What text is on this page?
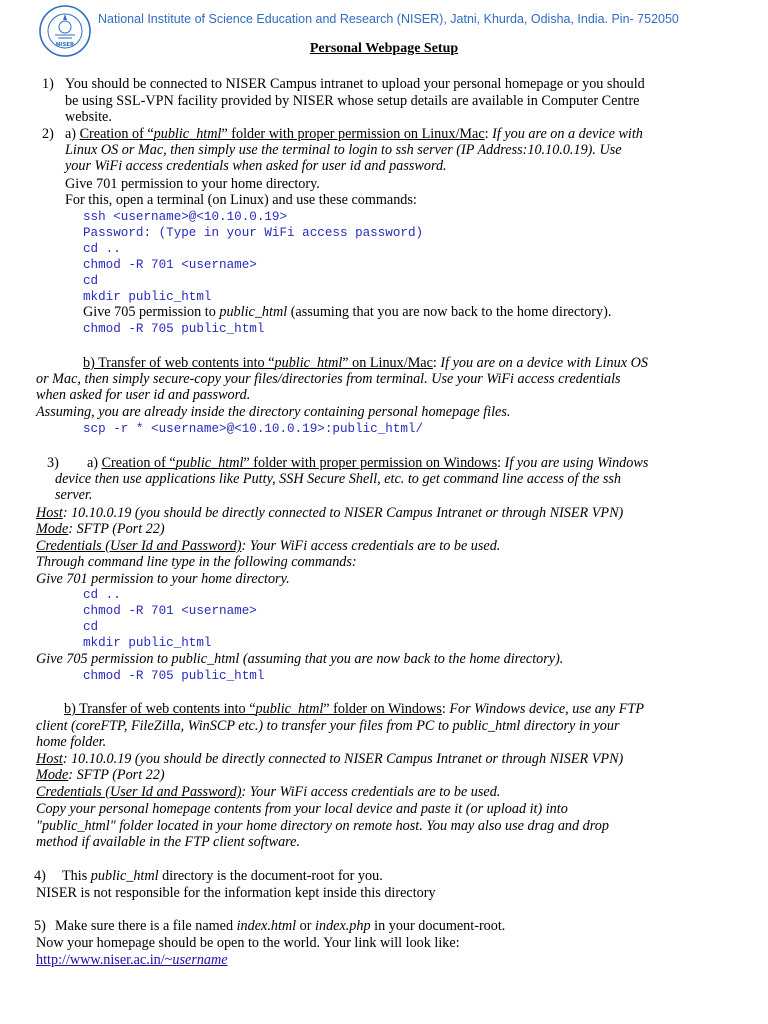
NISER
National Institute of Science Education and Research (NISER), Jatni, Khurda, Odisha, India. Pin- 752050
Personal Webpage Setup
1) You should be connected to NISER Campus intranet to upload your personal homepage or you should
be using SSL-VPN facility provided by NISER whose setup details are available in Computer Centre
website.
2) a) Creation of “public_html” folder with proper permission on Linux/Mac: If you are on a device with
Linux OS or Mac, then simply use the terminal to login to ssh server (IP Address:10.10.0.19). Use
your WiFi access credentials when asked for user id and password.
Give 701 permission to your home directory.
For this, open a terminal (on Linux) and use these commands:
ssh <username>@<10.10.0.19>
Password: (Type in your WiFi access password)
cd ..
chmod -R 701 <username>
cd
mkdir public_html
Give 705 permission to public_html (assuming that you are now back to the home directory).
chmod -R 705 public_html
b) Transfer of web contents into “public_html” on Linux/Mac: If you are on a device with Linux OS
or Mac, then simply secure-copy your files/directories from terminal. Use your WiFi access credentials
when asked for user id and password.
Assuming, you are already inside the directory containing personal homepage files.
scp -r * <username>@<10.10.0.19>:public_html/
3) a) Creation of “public_html” folder with proper permission on Windows: If you are using Windows
device then use applications like Putty, SSH Secure Shell, etc. to get command line access of the ssh
server.
Host: 10.10.0.19 (you should be directly connected to NISER Campus Intranet or through NISER VPN)
Mode: SFTP (Port 22)
Credentials (User Id and Password): Your WiFi access credentials are to be used.
Through command line type in the following commands:
Give 701 permission to your home directory.
cd ..
chmod -R 701 <username>
cd
mkdir public_html
Give 705 permission to public_html (assuming that you are now back to the home directory).
chmod -R 705 public_html
b) Transfer of web contents into “public_html” folder on Windows: For Windows device, use any FTP
client (coreFTP, FileZilla, WinSCP etc.) to transfer your files from PC to public_html directory in your
home folder.
Host: 10.10.0.19 (you should be directly connected to NISER Campus Intranet or through NISER VPN)
Mode: SFTP (Port 22)
Credentials (User Id and Password): Your WiFi access credentials are to be used.
Copy your personal homepage contents from your local device and paste it (or upload it) into
"public_html" folder located in your home directory on remote host. You may also use drag and drop
method if available in the FTP client software.
4) This public_html directory is the document-root for you.
NISER is not responsible for the information kept inside this directory
5) Make sure there is a file named index.html or index.php in your document-root.
Now your homepage should be open to the world. Your link will look like:
http://www.niser.ac.in/~username
